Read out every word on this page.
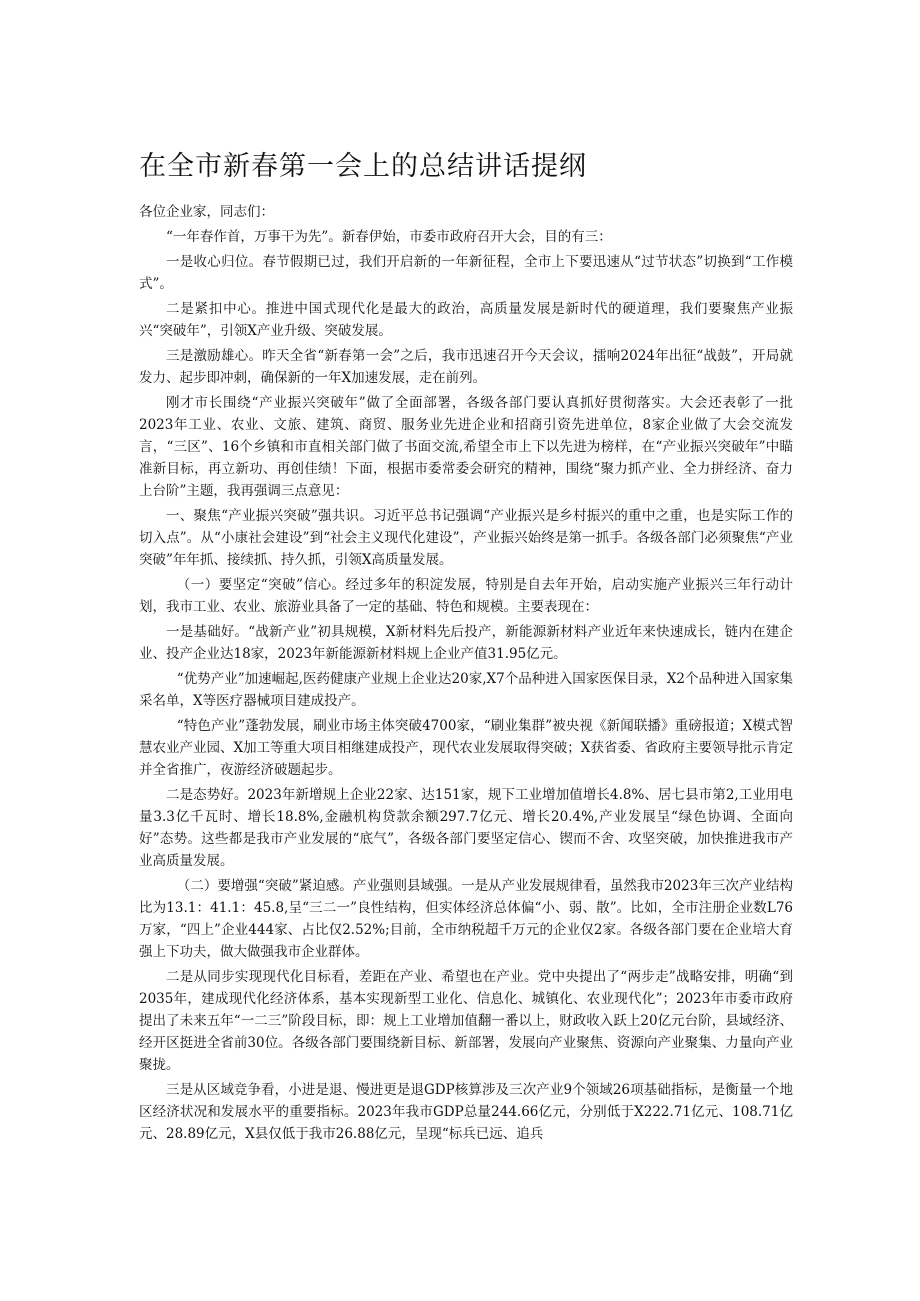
在全市新春第一会上的总结讲话提纲

各位企业家，同志们：

“一年春作首，万事干为先”。新春伊始，市委市政府召开大会，目的有三：

一是收心归位。春节假期已过，我们开启新的一年新征程，全市上下要迅速从“过节状态”切换到“工作模式”。

二是紧扣中心。推进中国式现代化是最大的政治，高质量发展是新时代的硬道理，我们要聚焦产业振兴“突破年”，引领X产业升级、突破发展。

三是激励雄心。昨天全省“新春第一会”之后，我市迅速召开今天会议，擂响2024年出征“战鼓”，开局就发力、起步即冲刺，确保新的一年X加速发展，走在前列。

刚才市长围绕“产业振兴突破年”做了全面部署，各级各部门要认真抓好贯彻落实。大会还表彰了一批2023年工业、农业、文旅、建筑、商贸、服务业先进企业和招商引资先进单位，8家企业做了大会交流发言，“三区”、16个乡镇和市直相关部门做了书面交流,希望全市上下以先进为榜样，在“产业振兴突破年”中瞄准新目标，再立新功、再创佳绩！下面，根据市委常委会研究的精神，围绕“聚力抓产业、全力拼经济、奋力上台阶”主题，我再强调三点意见：

一、聚焦“产业振兴突破”强共识。习近平总书记强调“产业振兴是乡村振兴的重中之重，也是实际工作的切入点”。从“小康社会建设”到“社会主义现代化建设”，产业振兴始终是第一抓手。各级各部门必须聚焦“产业突破”年年抓、接续抓、持久抓，引领X高质量发展。

（一）要坚定“突破”信心。经过多年的积淀发展，特别是自去年开始，启动实施产业振兴三年行动计划，我市工业、农业、旅游业具备了一定的基础、特色和规模。主要表现在：

一是基础好。“战新产业”初具规模，X新材料先后投产，新能源新材料产业近年来快速成长，链内在建企业、投产企业达18家，2023年新能源新材料规上企业产值31.95亿元。

“优势产业”加速崛起,医药健康产业规上企业达20家,X7个品种进入国家医保目录，X2个品种进入国家集采名单，X等医疗器械项目建成投产。

“特色产业”蓬勃发展，刷业市场主体突破4700家，“刷业集群”被央视《新闻联播》重磅报道；X模式智慧农业产业园、X加工等重大项目相继建成投产，现代农业发展取得突破；X获省委、省政府主要领导批示肯定并全省推广，夜游经济破题起步。

二是态势好。2023年新增规上企业22家、达151家，规下工业增加值增长4.8%、居七县市第2,工业用电量3.3亿千瓦时、增长18.8%,金融机构贷款余额297.7亿元、增长20.4%,产业发展呈“绿色协调、全面向好”态势。这些都是我市产业发展的“底气”，各级各部门要坚定信心、锲而不舍、攻坚突破，加快推进我市产业高质量发展。

（二）要增强“突破”紧迫感。产业强则县域强。一是从产业发展规律看，虽然我市2023年三次产业结构比为13.1：41.1：45.8,呈“三二一”良性结构，但实体经济总体偏“小、弱、散”。比如，全市注册企业数L76万家，“四上”企业444家、占比仅2.52%;目前，全市纳税超千万元的企业仅2家。各级各部门要在企业培大育强上下功夫，做大做强我市企业群体。

二是从同步实现现代化目标看，差距在产业、希望也在产业。党中央提出了“两步走”战略安排，明确“到2035年，建成现代化经济体系，基本实现新型工业化、信息化、城镇化、农业现代化”；2023年市委市政府提出了未来五年“一二三”阶段目标，即：规上工业增加值翻一番以上，财政收入跃上20亿元台阶，县域经济、经开区挺进全省前30位。各级各部门要围绕新目标、新部署，发展向产业聚焦、资源向产业聚集、力量向产业聚拢。

三是从区域竞争看，小进是退、慢进更是退GDP核算涉及三次产业9个领域26项基础指标，是衡量一个地区经济状况和发展水平的重要指标。2023年我市GDP总量244.66亿元，分别低于X222.71亿元、108.71亿元、28.89亿元，X县仅低于我市26.88亿元，呈现“标兵已远、追兵
